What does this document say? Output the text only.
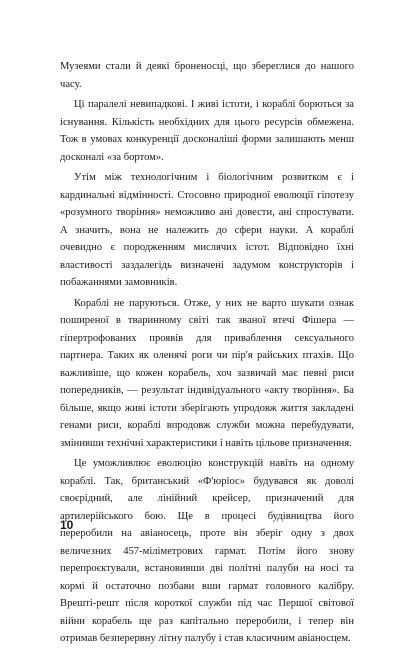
Музеями стали й деякі броненосці, що збереглися до нашого часу.

Ці паралелі невипадкові. І живі істоти, і кораблі борються за існування. Кількість необхідних для цього ресурсів обмежена. Тож в умовах конкуренції досконаліші форми залишають менш досконалі «за бортом».

Утім між технологічним і біологічним розвитком є і кардинальні відмінності. Стосовно природної еволюції гіпотезу «розумного творіння» неможливо ані довести, ані спростувати. А значить, вона не належить до сфери науки. А кораблі очевидно є породженням мислячих істот. Відповідно їхні властивості заздалегідь визначені задумом конструкторів і побажаннями замовників.

Кораблі не паруються. Отже, у них не варто шукати ознак поширеної в тваринному світі так званої втечі Фішера — гіпертрофованих проявів для приваблення сексуального партнера. Таких як оленячі роги чи пір'я райських птахів. Що важливіше, що кожен корабель, хоч зазвичай має певні риси попередників, — результат індивідуального «акту творіння». Ба більше, якщо живі істоти зберігають упродовж життя закладені генами риси, кораблі впродовж служби можна перебудувати, змінивши технічні характеристики і навіть цільове призначення.

Це уможливлює еволюцію конструкцій навіть на одному кораблі. Так, британський «Ф'юріос» будувався як доволі своєрідний, але лінійний крейсер, призначений для артилерійського бою. Ще в процесі будівництва його переробили на авіаносець, проте він зберіг одну з двох величезних 457-міліметрових гармат. Потім його знову перепроєктували, встановивши дві політні палуби на носі та кормі й остаточно позбави вши гармат головного калібру. Врешті-решт після короткої служби під час Першої світової війни корабель ще раз капітально переробили, і тепер він отримав безперервну літну палубу і став класичним авіаносцем.

10
